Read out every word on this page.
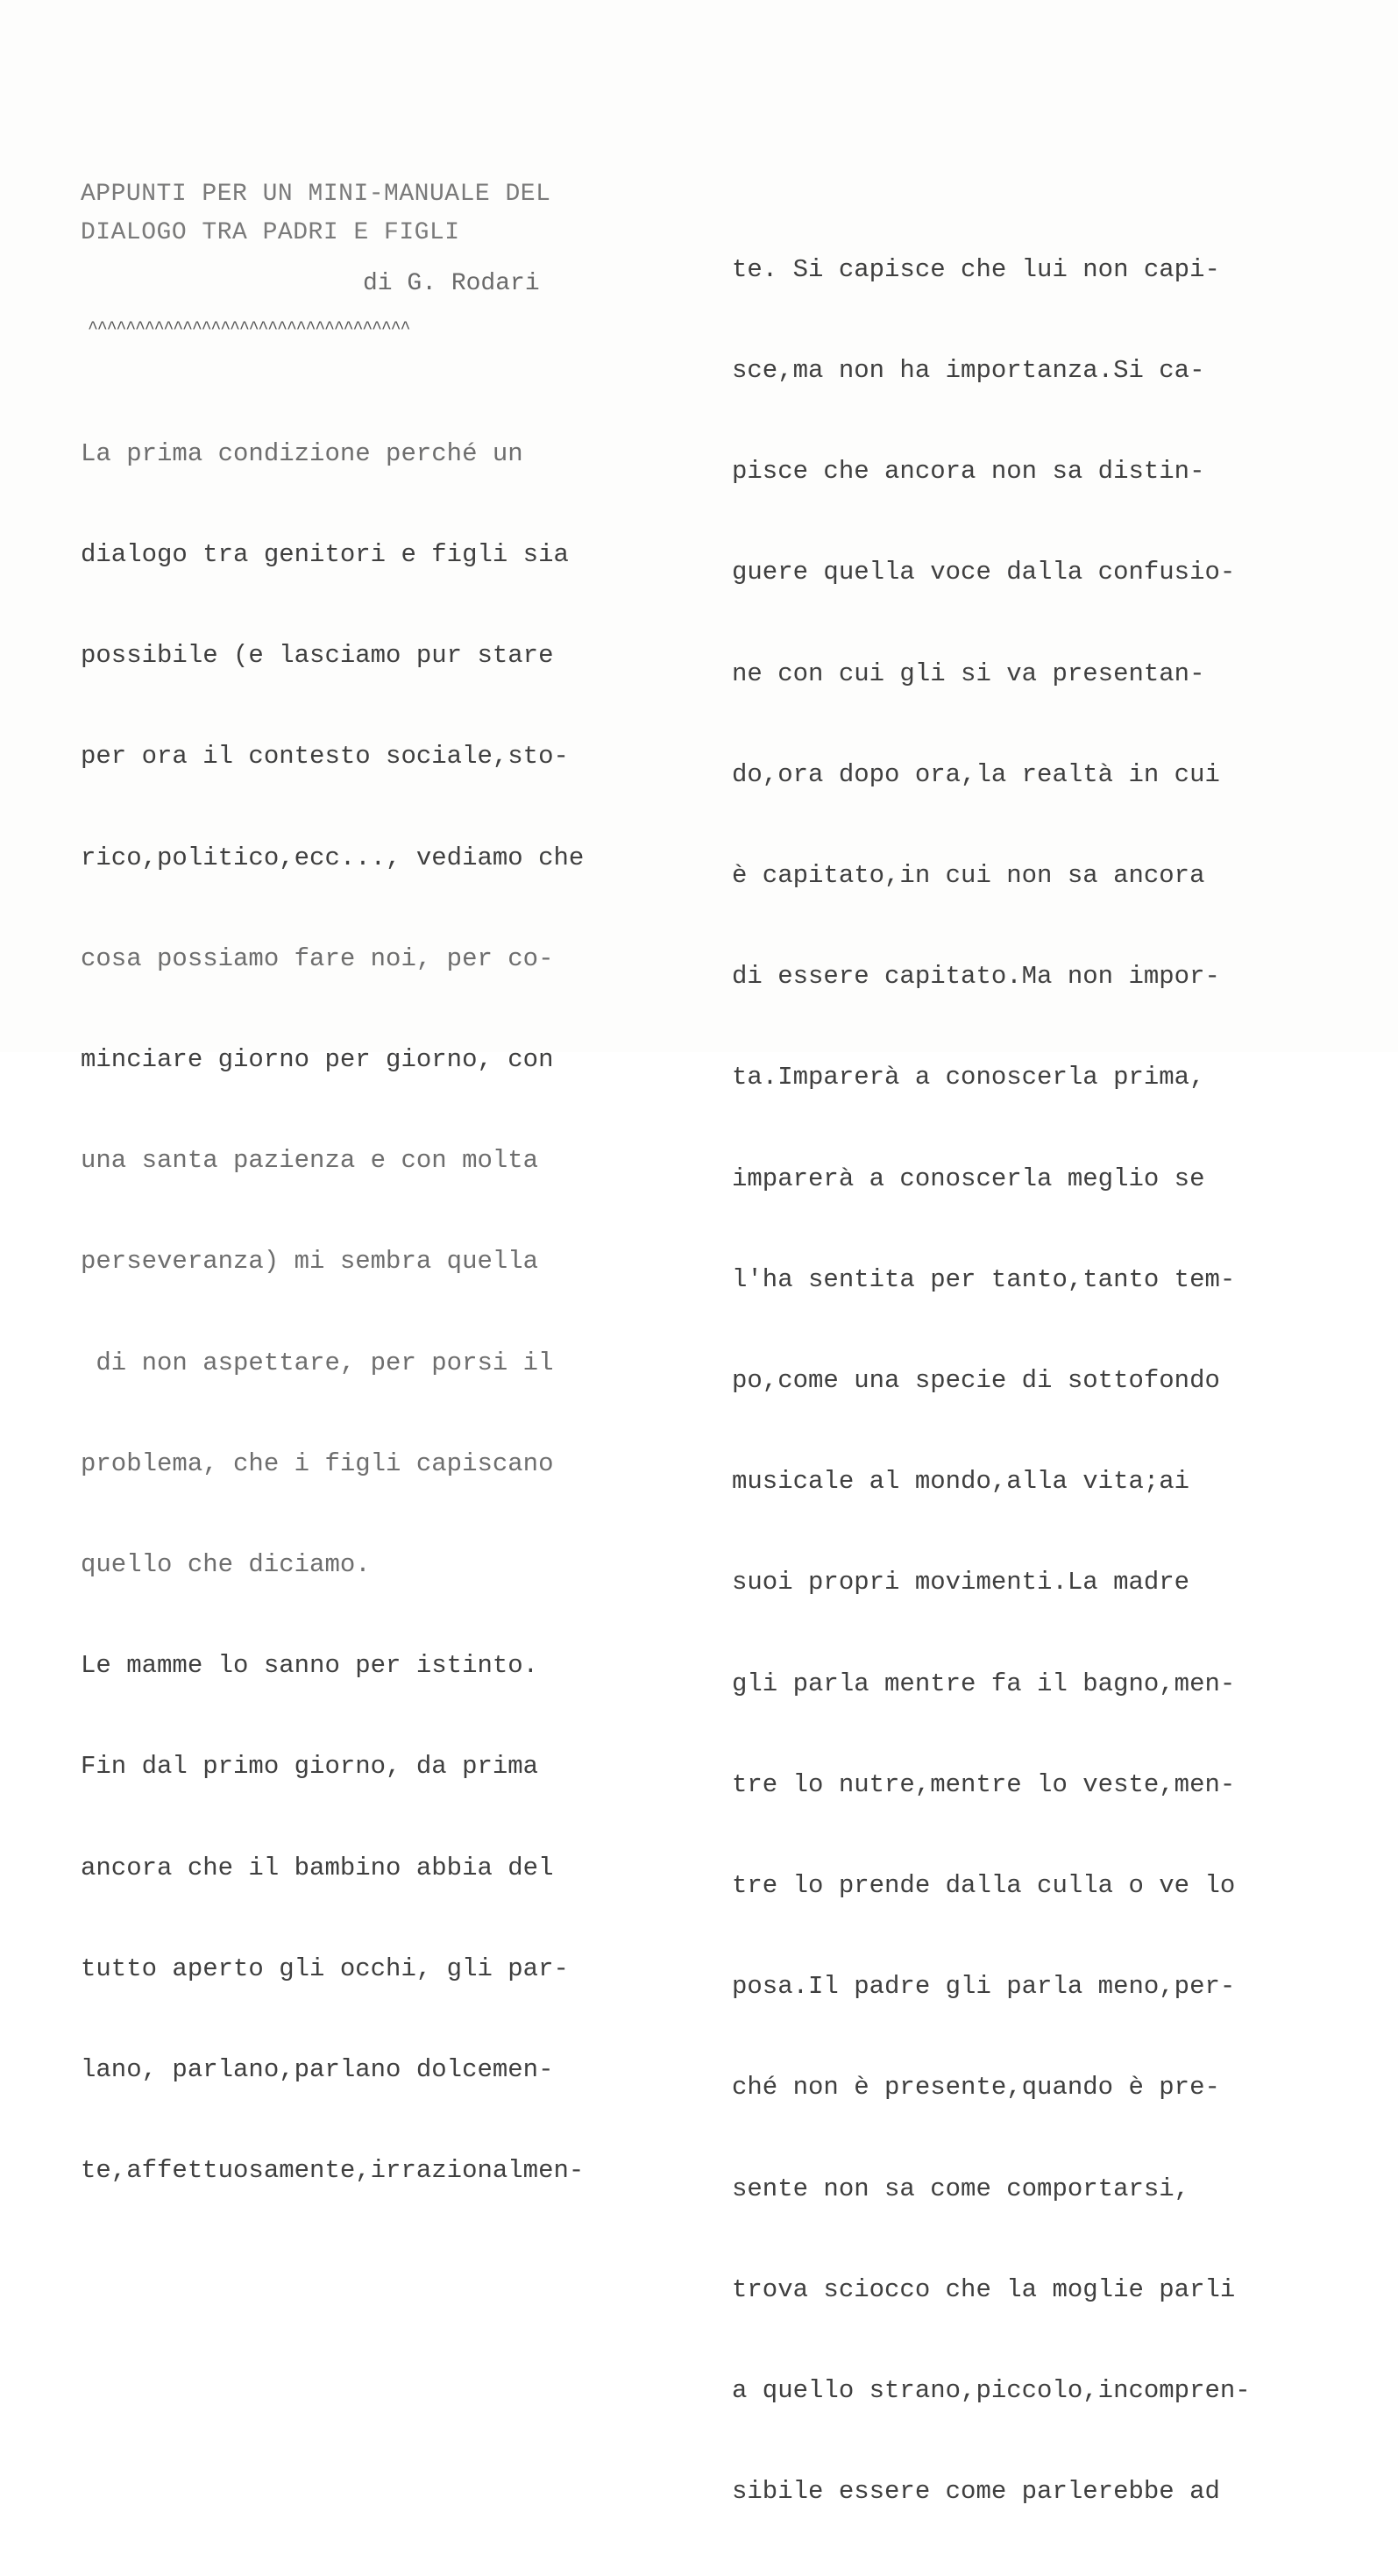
APPUNTI PER UN MINI-MANUALE DEL
DIALOGO TRA PADRI E FIGLI
di G. Rodari
^^^^^^^^^^^^^^^^^^^^^^^^^^^^^^^^^^

La prima condizione perché un

dialogo tra genitori e figli sia

possibile (e lasciamo pur stare

per ora il contesto sociale,sto-

rico,politico,ecc..., vediamo che

cosa possiamo fare noi, per co-

minciare giorno per giorno, con

una santa pazienza e con molta

perseveranza) mi sembra quella

di non aspettare, per porsi il

problema, che i figli capiscano

quello che diciamo.

Le mamme lo sanno per istinto.

Fin dal primo giorno, da prima

ancora che il bambino abbia del

tutto aperto gli occhi, gli par-

lano, parlano,parlano dolcemen-

te,affettuosamente,irrazionalmen-

te. Si capisce che lui non capi-

sce,ma non ha importanza.Si ca-

pisce che ancora non sa distin-

guere quella voce dalla confusio-

ne con cui gli si va presentan-

do,ora dopo ora,la realtà in cui

è capitato,in cui non sa ancora

di essere capitato.Ma non impor-

ta.Imparerà a conoscerla prima,

imparerà a conoscerla meglio se

l'ha sentita per tanto,tanto tem-

po,come una specie di sottofondo

musicale al mondo,alla vita;ai

suoi propri movimenti.La madre

gli parla mentre fa il bagno,men-

tre lo nutre,mentre lo veste,men-

tre lo prende dalla culla o ve lo

posa.Il padre gli parla meno,per-

ché non è presente,quando è pre-

sente non sa come comportarsi,

trova sciocco che la moglie parli

a quello strano,piccolo,incompren-

sibile essere come parlerebbe ad
